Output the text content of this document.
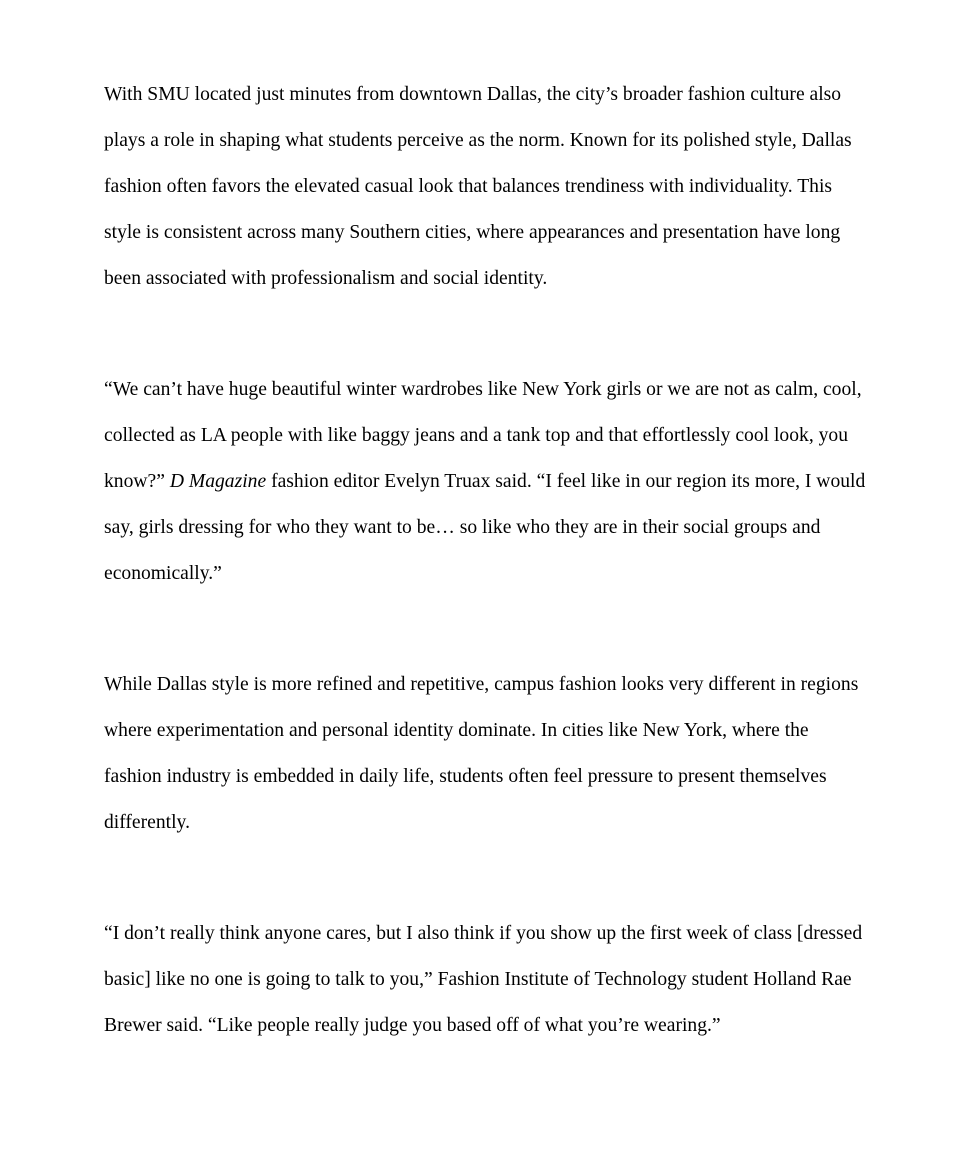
With SMU located just minutes from downtown Dallas, the city’s broader fashion culture also
plays a role in shaping what students perceive as the norm. Known for its polished style, Dallas
fashion often favors the elevated casual look that balances trendiness with individuality. This
style is consistent across many Southern cities, where appearances and presentation have long
been associated with professionalism and social identity.

“We can’t have huge beautiful winter wardrobes like New York girls or we are not as calm, cool,
collected as LA people with like baggy jeans and a tank top and that effortlessly cool look, you
know?” D Magazine fashion editor Evelyn Truax said. “I feel like in our region its more, I would
say, girls dressing for who they want to be… so like who they are in their social groups and
economically.”

While Dallas style is more refined and repetitive, campus fashion looks very different in regions
where experimentation and personal identity dominate. In cities like New York, where the
fashion industry is embedded in daily life, students often feel pressure to present themselves
differently.

“I don’t really think anyone cares, but I also think if you show up the first week of class [dressed
basic] like no one is going to talk to you,” Fashion Institute of Technology student Holland Rae
Brewer said. “Like people really judge you based off of what you’re wearing.”
